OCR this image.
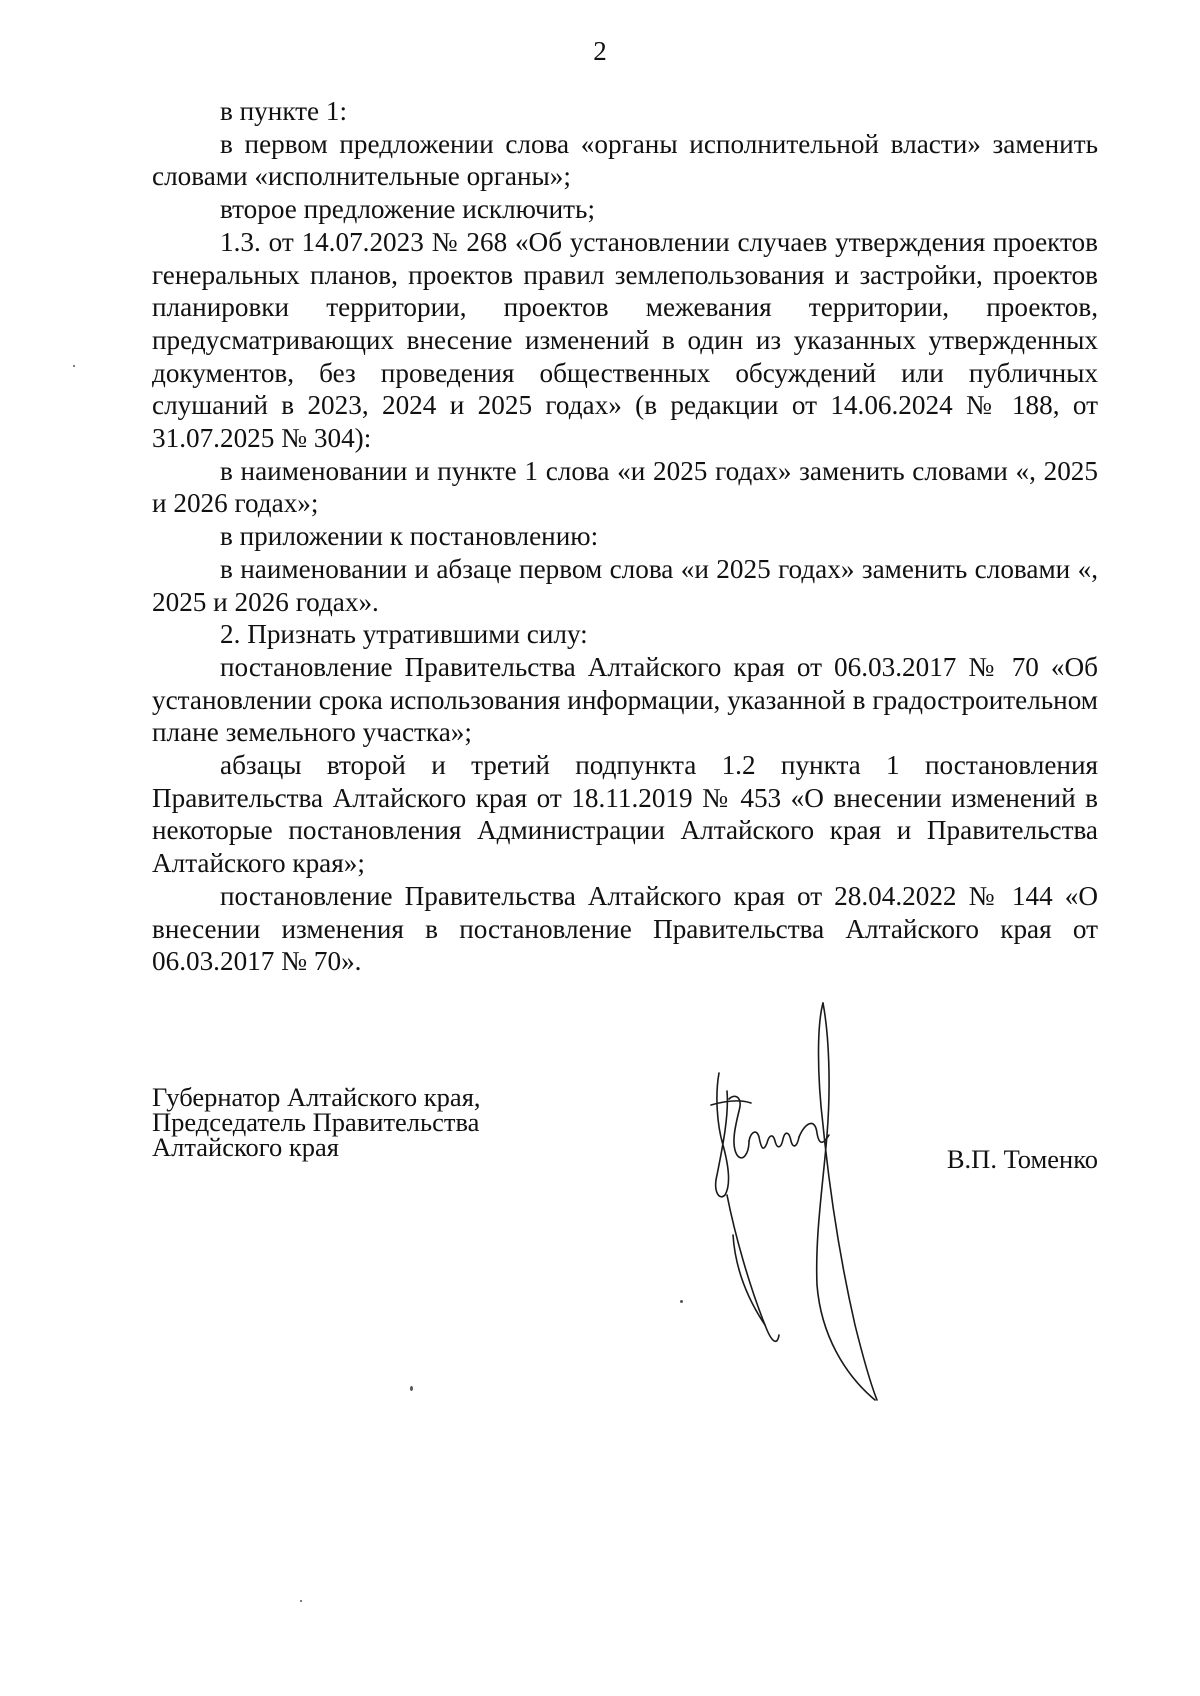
2

в пункте 1:

в первом предложении слова «органы исполнительной власти» заменить словами «исполнительные органы»;

второе предложение исключить;

1.3. от 14.07.2023 № 268 «Об установлении случаев утверждения проектов генеральных планов, проектов правил землепользования и застройки, проектов планировки территории, проектов межевания территории, проектов, предусматривающих внесение изменений в один из указанных утвержденных документов, без проведения общественных обсуждений или публичных слушаний в 2023, 2024 и 2025 годах» (в редакции от 14.06.2024 № 188, от 31.07.2025 № 304):

в наименовании и пункте 1 слова «и 2025 годах» заменить словами «, 2025 и 2026 годах»;

в приложении к постановлению:

в наименовании и абзаце первом слова «и 2025 годах» заменить словами «, 2025 и 2026 годах».

2. Признать утратившими силу:

постановление Правительства Алтайского края от 06.03.2017 № 70 «Об установлении срока использования информации, указанной в градостроительном плане земельного участка»;

абзацы второй и третий подпункта 1.2 пункта 1 постановления Правительства Алтайского края от 18.11.2019 № 453 «О внесении изменений в некоторые постановления Администрации Алтайского края и Правительства Алтайского края»;

постановление Правительства Алтайского края от 28.04.2022 № 144 «О внесении изменения в постановление Правительства Алтайского края от 06.03.2017 № 70».

Губернатор Алтайского края,
Председатель Правительства
Алтайского края	В.П. Томенко
